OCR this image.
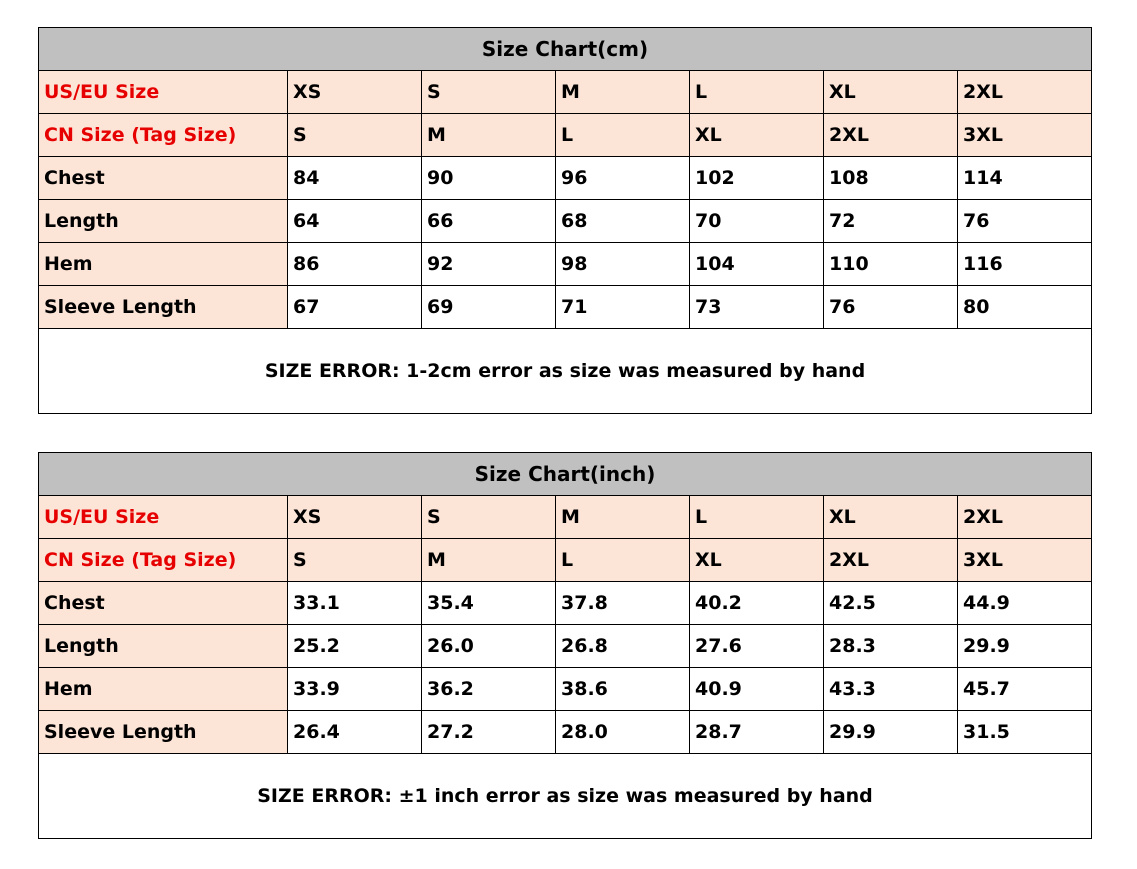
Size Chart(cm)						
US/EU Size	XS	S	M	L	XL	2XL
CN Size (Tag Size)	S	M	L	XL	2XL	3XL
Chest	84	90	96	102	108	114
Length	64	66	68	70	72	76
Hem	86	92	98	104	110	116
Sleeve Length	67	69	71	73	76	80
SIZE ERROR: 1-2cm error as size was measured by hand						
Size Chart(inch)						
US/EU Size	XS	S	M	L	XL	2XL
CN Size (Tag Size)	S	M	L	XL	2XL	3XL
Chest	33.1	35.4	37.8	40.2	42.5	44.9
Length	25.2	26.0	26.8	27.6	28.3	29.9
Hem	33.9	36.2	38.6	40.9	43.3	45.7
Sleeve Length	26.4	27.2	28.0	28.7	29.9	31.5
SIZE ERROR: ±1 inch error as size was measured by hand						
